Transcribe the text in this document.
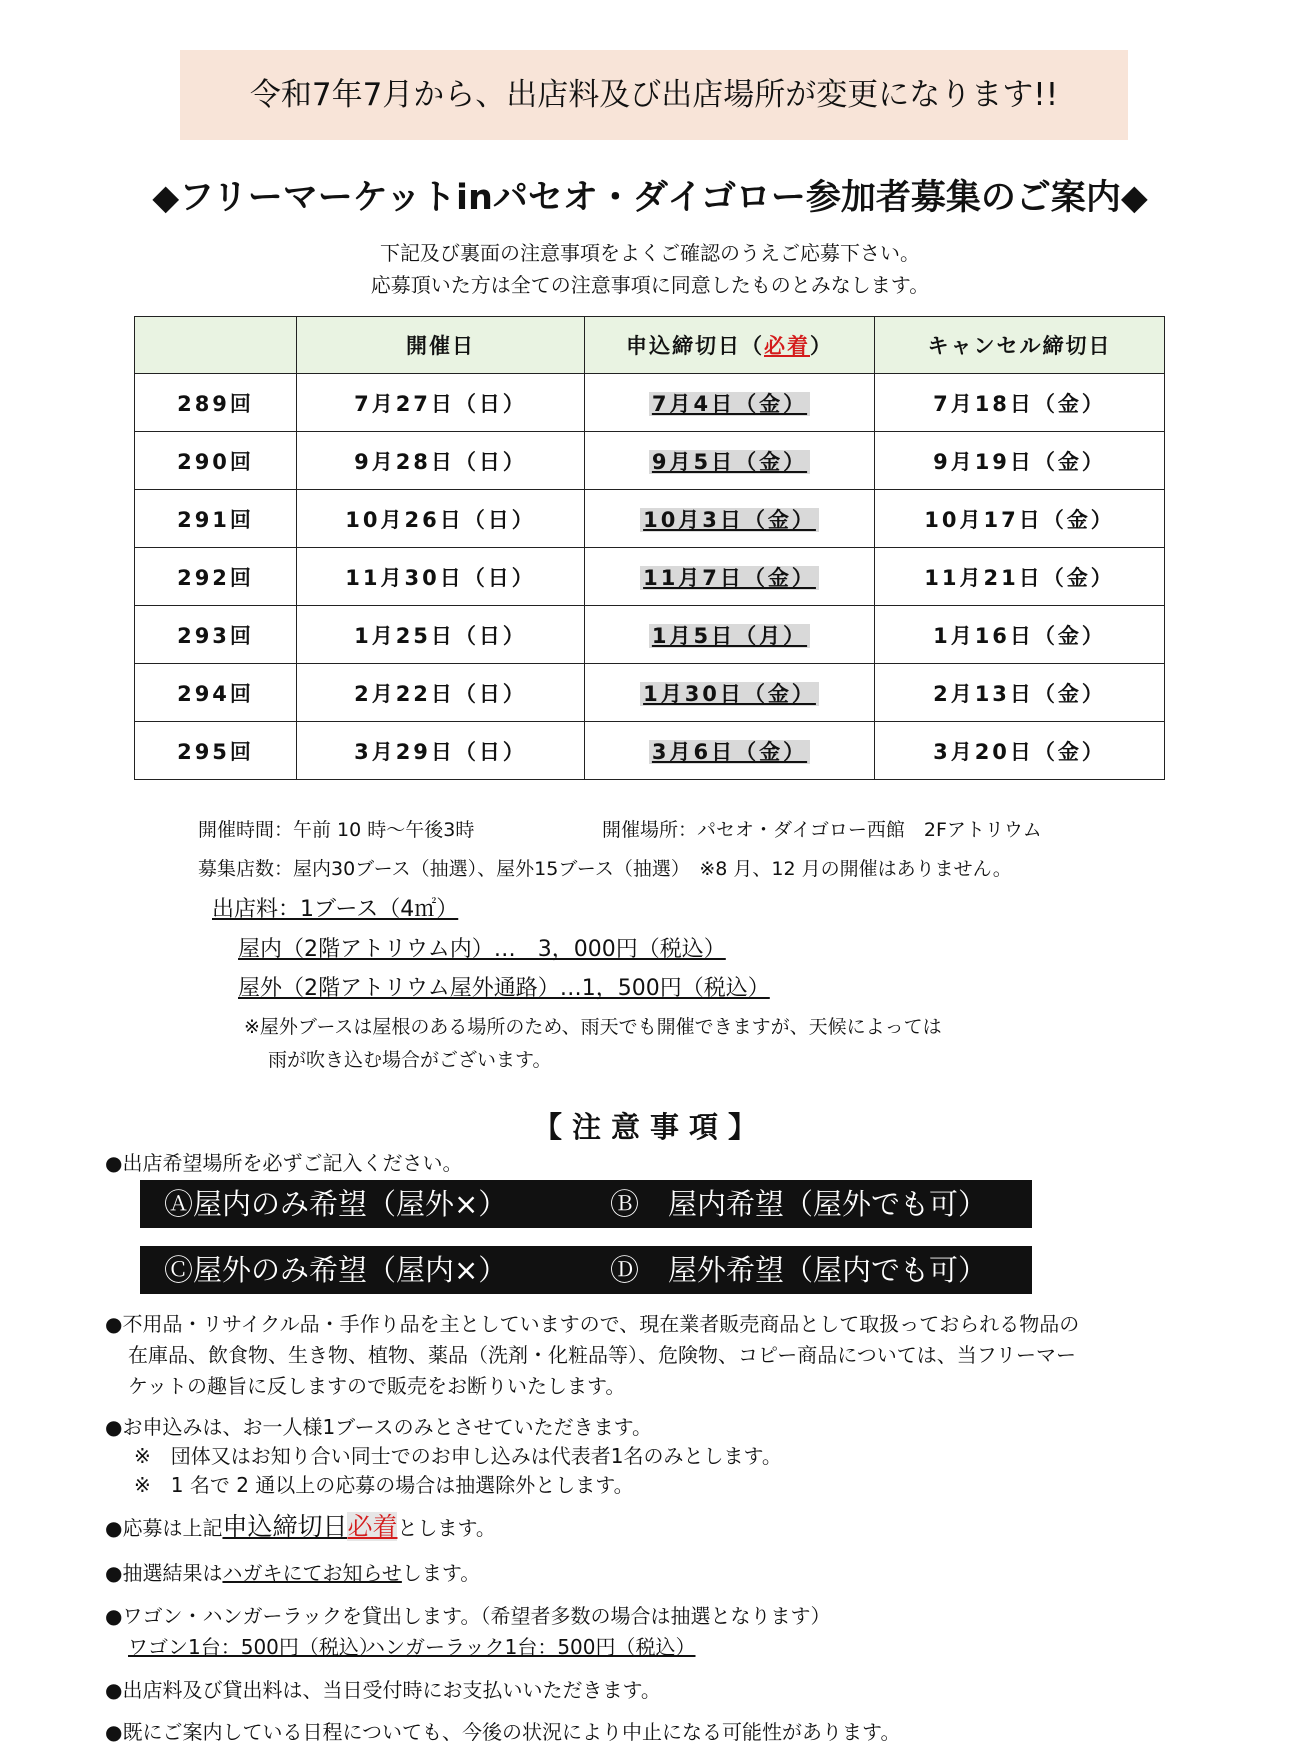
令和7年7月から、出店料及び出店場所が変更になります!!
◆フリーマーケットinパセオ・ダイゴロー参加者募集のご案内◆
下記及び裏面の注意事項をよくご確認のうえご応募下さい。
応募頂いた方は全ての注意事項に同意したものとみなします。
	開催日	申込締切日（必着）	キャンセル締切日
289回	7月27日（日）	7月4日（金）	7月18日（金）
290回	9月28日（日）	9月5日（金）	9月19日（金）
291回	10月26日（日）	10月3日（金）	10月17日（金）
292回	11月30日（日）	11月7日（金）	11月21日（金）
293回	1月25日（日）	1月5日（月）	1月16日（金）
294回	2月22日（日）	1月30日（金）	2月13日（金）
295回	3月29日（日）	3月6日（金）	3月20日（金）
開催時間：午前 10 時～午後3時	開催場所：パセオ・ダイゴロー西館　2Fアトリウム
募集店数：屋内30ブース（抽選）、屋外15ブース（抽選）　※8 月、12 月の開催はありません。
出店料：1ブース（4㎡）
屋内（2階アトリウム内）…　3，000円（税込）
屋外（2階アトリウム屋外通路）…1，500円（税込）
※屋外ブースは屋根のある場所のため、雨天でも開催できますが、天候によっては
雨が吹き込む場合がございます。
【注意事項】
●出店希望場所を必ずご記入ください。
Ⓐ屋内のみ希望（屋外×）	Ⓑ　屋内希望（屋外でも可）
Ⓒ屋外のみ希望（屋内×）	Ⓓ　屋外希望（屋内でも可）
●不用品・リサイクル品・手作り品を主としていますので、現在業者販売商品として取扱っておられる物品の
在庫品、飲食物、生き物、植物、薬品（洗剤・化粧品等）、危険物、コピー商品については、当フリーマー
ケットの趣旨に反しますので販売をお断りいたします。
●お申込みは、お一人様1ブースのみとさせていただきます。
※　団体又はお知り合い同士でのお申し込みは代表者1名のみとします。
※　1 名で 2 通以上の応募の場合は抽選除外とします。
●応募は上記申込締切日必着とします。
●抽選結果はハガキにてお知らせします。
●ワゴン・ハンガーラックを貸出します。（希望者多数の場合は抽選となります）
ワゴン1台：500円（税込）
ハンガーラック1台：500円（税込）
●出店料及び貸出料は、当日受付時にお支払いいただきます。
●既にご案内している日程についても、今後の状況により中止になる可能性があります。
